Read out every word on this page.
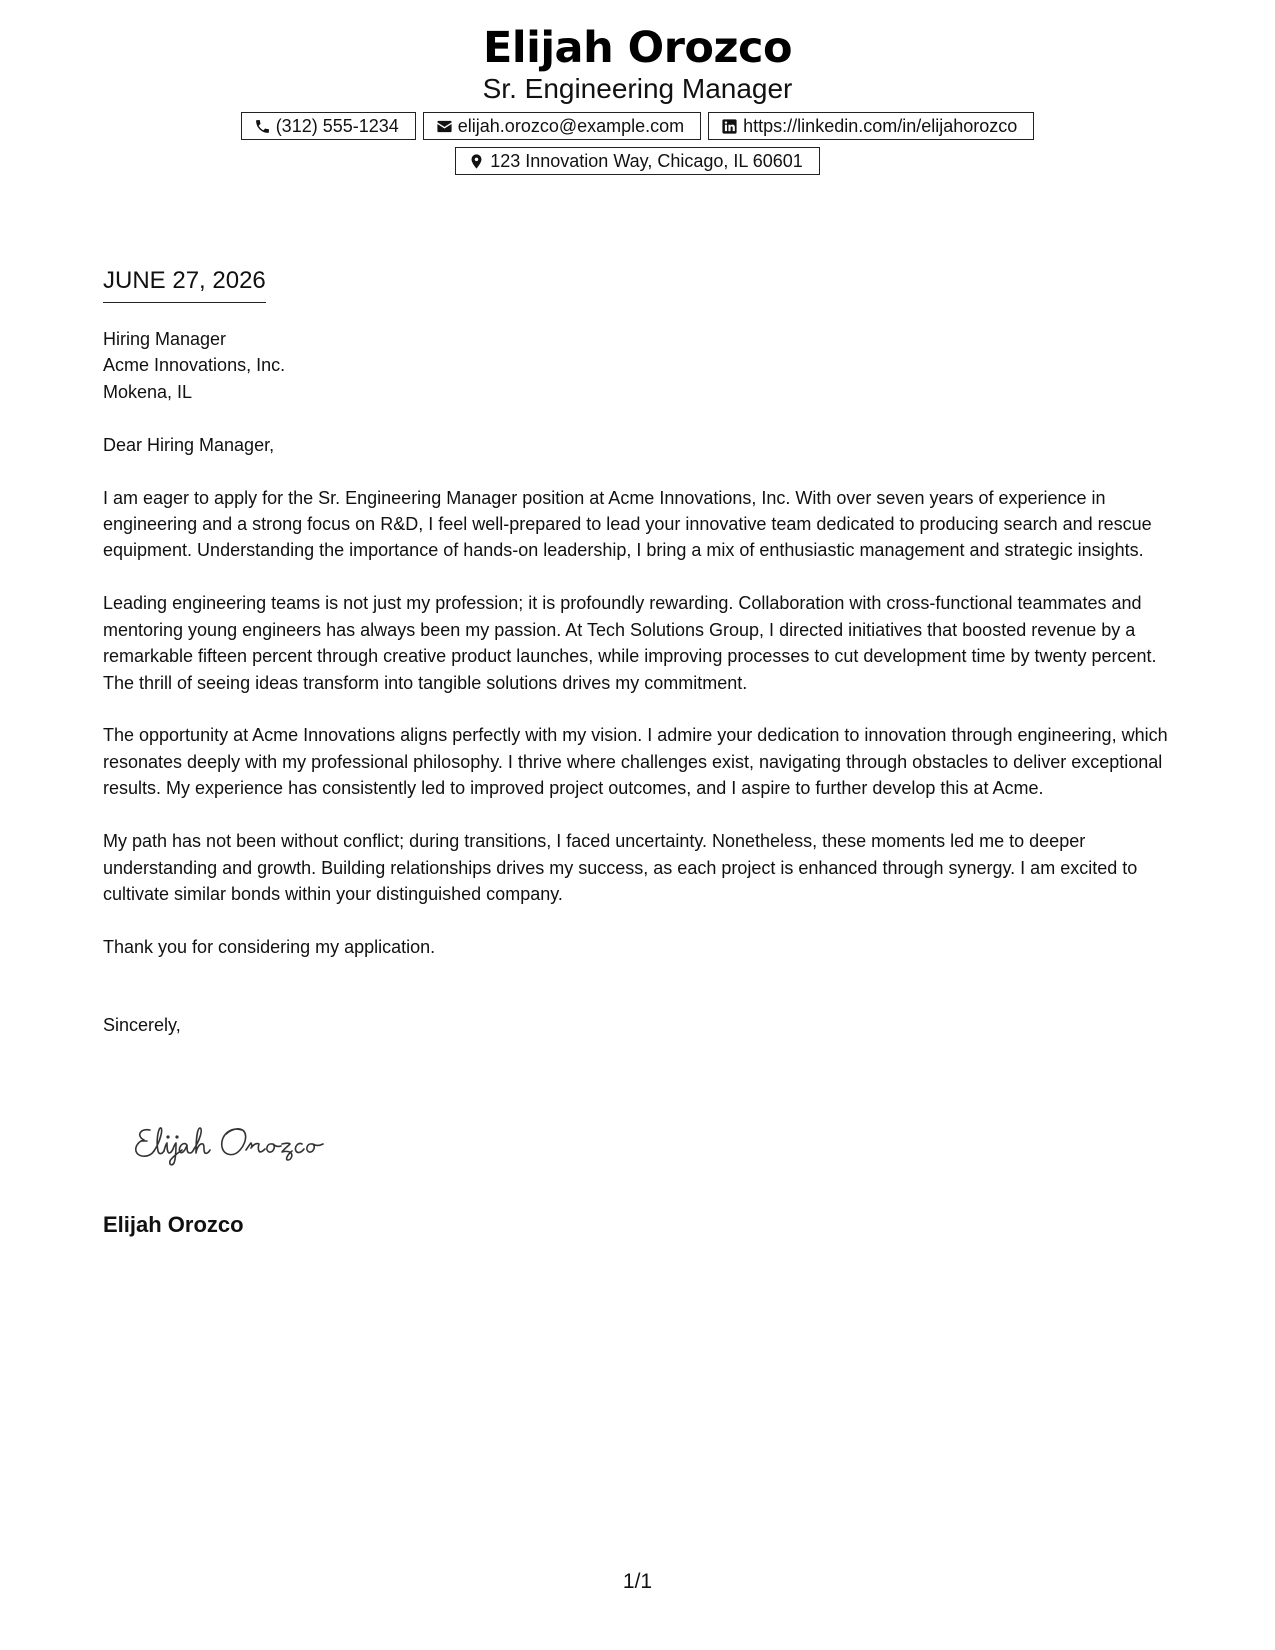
Elijah Orozco
Sr. Engineering Manager
(312) 555-1234	elijah.orozco@example.com	https://linkedin.com/in/elijahorozco
123 Innovation Way, Chicago, IL 60601
JUNE 27, 2026

Hiring Manager
Acme Innovations, Inc.
Mokena, IL

Dear Hiring Manager,

I am eager to apply for the Sr. Engineering Manager position at Acme Innovations, Inc. With over seven years of experience in engineering and a strong focus on R&D, I feel well-prepared to lead your innovative team dedicated to producing search and rescue equipment. Understanding the importance of hands-on leadership, I bring a mix of enthusiastic management and strategic insights.

Leading engineering teams is not just my profession; it is profoundly rewarding. Collaboration with cross-functional teammates and mentoring young engineers has always been my passion. At Tech Solutions Group, I directed initiatives that boosted revenue by a remarkable fifteen percent through creative product launches, while improving processes to cut development time by twenty percent. The thrill of seeing ideas transform into tangible solutions drives my commitment.

The opportunity at Acme Innovations aligns perfectly with my vision. I admire your dedication to innovation through engineering, which resonates deeply with my professional philosophy. I thrive where challenges exist, navigating through obstacles to deliver exceptional results. My experience has consistently led to improved project outcomes, and I aspire to further develop this at Acme.

My path has not been without conflict; during transitions, I faced uncertainty. Nonetheless, these moments led me to deeper understanding and growth. Building relationships drives my success, as each project is enhanced through synergy. I am excited to cultivate similar bonds within your distinguished company.

Thank you for considering my application.

Sincerely,

Elijah Orozco
1/1
